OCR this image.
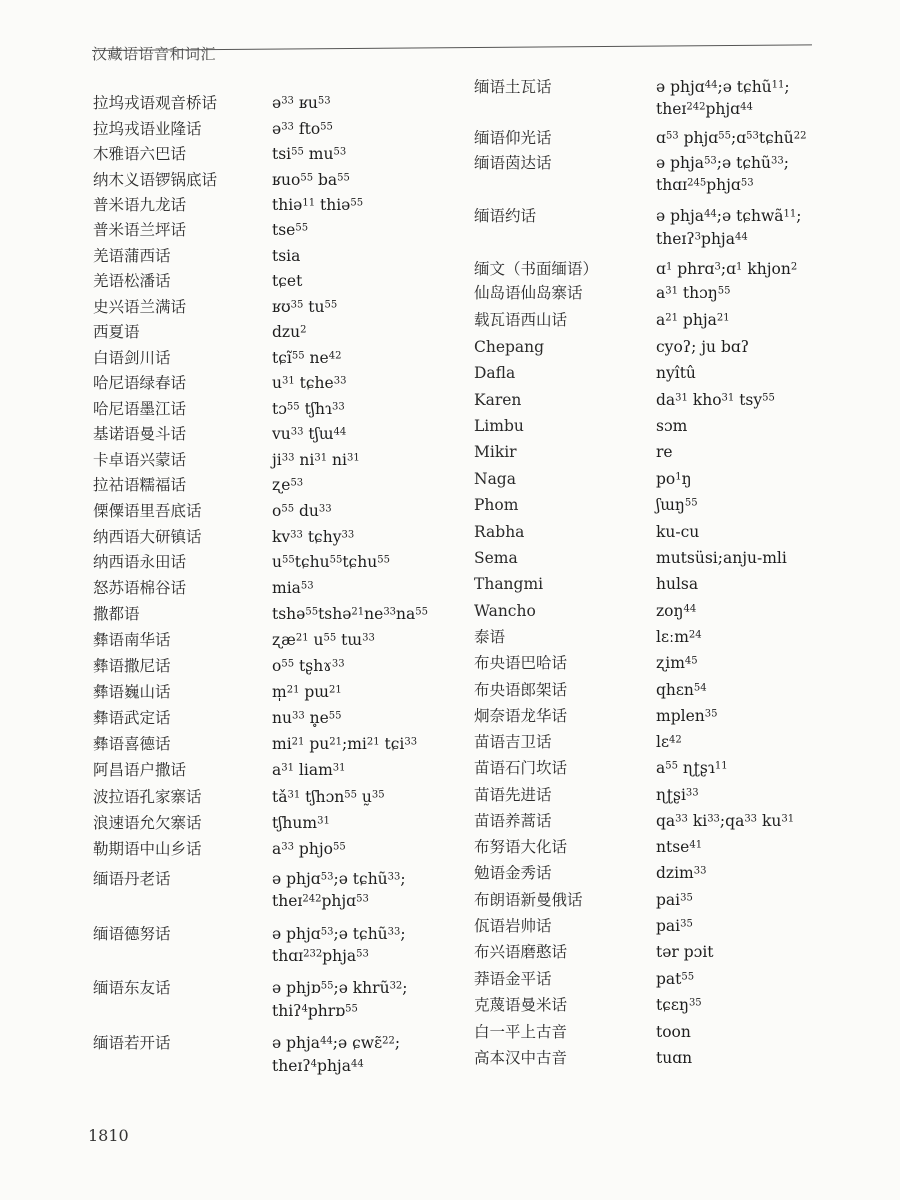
汉藏语语音和词汇
拉坞戎语观音桥话	ə$^{33}$ ʁu$^{53}$
拉坞戎语业隆话	ə$^{33}$ fto$^{55}$
木雅语六巴话	tsi$^{55}$ $mu^{53}$
纳木义语锣锅底话	ʁuo$^{55}$ $ba^{55}$
普米语九龙话	thiə$^{11}$ thiə$^{55}$
普米语兰坪话	tse$^{55}$
羌语蒲西话	tsia
羌语松潘话	tɕet
史兴语兰满话	ʁʊ$^{35}$ $tu^{55}$
西夏语	dzu$^2$
白语剑川话	tɕĩ$^{55}$ $ne^{42}$
哈尼语绿春话	$u^{31}$ tɕhe$^{33}$
哈尼语墨江话	tɔ$^{55}$ tʃhɿ$^{33}$
基诺语曼斗话	$vu^{33}$ tʃɯ$^{44}$
卡卓语兴蒙话	$ji^{33}$ $ni^{31}$ $ni^{31}$
拉祜语糯福话	ʐe$^{53}$
傈僳语里吾底话	$o^{55}$ $du^{33}$
纳西语大研镇话	$kv^{33}$ tɕhy$^{33}$
纳西语永田话	$u^{55}tɕhu^{55}tɕhu^{55}$
怒苏语棉谷话	mia$^{53}$
撒都语	$tshə^{55}tshə^{21}ne^{33}na^{55}$
彝语南华话	ʐæ$^{21}$ $u^{55}$ tɯ$^{33}$
彝语撒尼话	$o^{55}$ tʂhɤ$^{33}$
彝语巍山话	m̩$^{21}$ pɯ$^{21}$
彝语武定话	$nu^{33}$ $n̥e^{55}$
彝语喜德话	$mi^{21}$ $pu^{21};mi^{21}$ tɕi$^{33}$
阿昌语户撒话	$a^{31}$ liam$^{31}$
波拉语孔家寨话	$tǎ^{31}$ tʃhɔn$^{55}$ ṵ$^{35}$
浪速语允欠寨话	tʃhum$^{31}$
勒期语中山乡话	$a^{33}$ phjo$^{55}$
缅语丹老话	ə phjɑ$^{53}$;ə tɕhũ$^{33}$;
theɪ$^{242}$phjɑ$^{53}$
缅语德努话	ə phjɑ$^{53}$;ə tɕhũ$^{33}$;
thɑɪ$^{232}$phja$^{53}$
缅语东友话	ə phjɒ$^{55}$;ə khrũ$^{32}$;
thiʔ$^4$phrɒ$^{55}$
缅语若开话	ə phja$^{44}$;ə ɕwɛ̃$^{22}$;
theɪʔ$^4$phja$^{44}$
缅语土瓦话	ə phjɑ$^{44}$;ə tɕhũ$^{11}$;
theɪ$^{242}$phjɑ$^{44}$
缅语仰光话	ɑ$^{53}$ phjɑ$^{55}$;ɑ$^{53}$tɕhũ$^{22}$
缅语茵达话	ə phja$^{53}$;ə tɕhũ$^{33}$;
thɑɪ$^{245}$phjɑ$^{53}$
缅语约话	ə phja$^{44}$;ə tɕhwã$^{11}$;
theɪʔ$^3$phja$^{44}$
缅文（书面缅语）	ɑ$^1$ phrɑ$^3$;ɑ$^1$ khjon$^2$
仙岛语仙岛寨话	$a^{31}$ thɔŋ$^{55}$
载瓦语西山话	$a^{21}$ phja$^{21}$
Chepang	cyoʔ; ju bɑʔ
Dafla	nyîtû
Karen	$da^{31}$ kho$^{31}$ tsy$^{55}$
Limbu	sɔm
Mikir	re
Naga	$po^1ŋ$
Phom	ʃɯŋ$^{55}$
Rabha	ku-cu
Sema	mutsüsi;anju-mli
Thangmi	hulsa
Wancho	zoŋ$^{44}$
泰语	lɛːm$^{24}$
布央语巴哈话	ʐim$^{45}$
布央语郎架话	qhɛn$^{54}$
炯奈语龙华话	mplen$^{35}$
苗语吉卫话	lɛ$^{42}$
苗语石门坎话	$a^{55}$ ɳʈʂɿ$^{11}$
苗语先进话	ɳʈʂi$^{33}$
苗语养蒿话	$qa^{33}$ $ki^{33};qa^{33}$ $ku^{31}$
布努语大化话	ntse$^{41}$
勉语金秀话	dzim$^{33}$
布朗语新曼俄话	pai$^{35}$
佤语岩帅话	pai$^{35}$
布兴语磨憨话	tər pɔit
莽语金平话	pat$^{55}$
克蔑语曼米话	tɕɛŋ$^{35}$
白一平上古音	toon
高本汉中古音	tuɑn
1810
